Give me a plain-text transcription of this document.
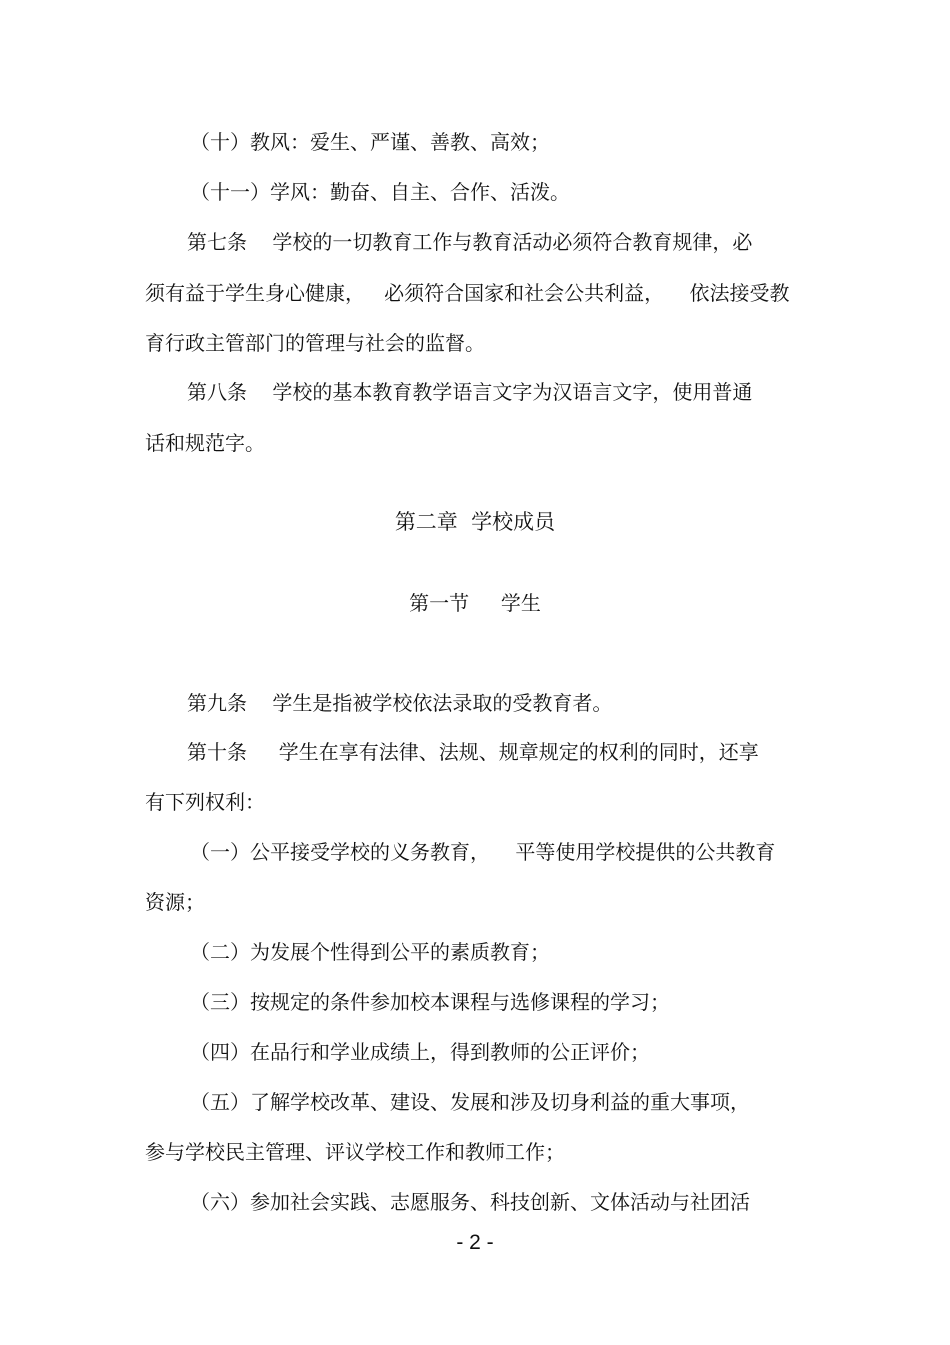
（十）教风：爱生、严谨、善教、高效；
（十一）学风：勤奋、自主、合作、活泼。
第七条    学校的一切教育工作与教育活动必须符合教育规律，必
须有益于学生身心健康，   必须符合国家和社会公共利益，    依法接受教
育行政主管部门的管理与社会的监督。
第八条    学校的基本教育教学语言文字为汉语言文字，使用普通
话和规范字。
第二章  学校成员
第一节     学生
第九条    学生是指被学校依法录取的受教育者。
第十条     学生在享有法律、法规、规章规定的权利的同时，还享
有下列权利：
（一）公平接受学校的义务教育，    平等使用学校提供的公共教育
资源；
（二）为发展个性得到公平的素质教育；
（三）按规定的条件参加校本课程与选修课程的学习；
（四）在品行和学业成绩上，得到教师的公正评价；
（五）了解学校改革、建设、发展和涉及切身利益的重大事项，
参与学校民主管理、评议学校工作和教师工作；
（六）参加社会实践、志愿服务、科技创新、文体活动与社团活
- 2 -
